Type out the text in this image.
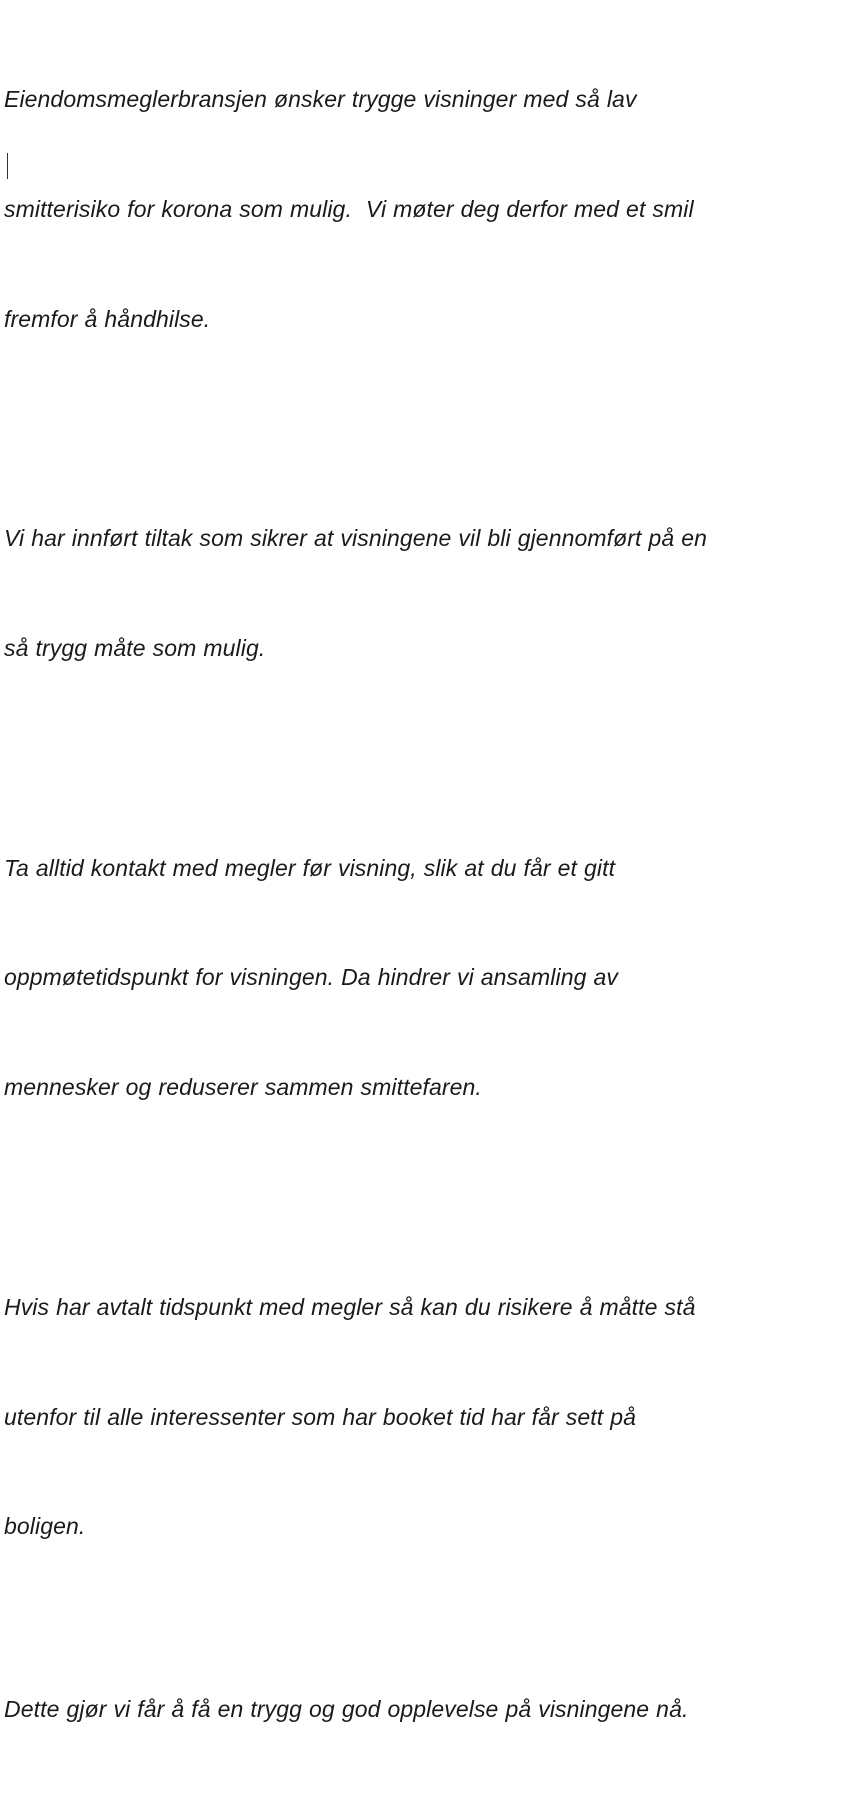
Eiendomsmeglerbransjen ønsker trygge visninger med så lav

smitterisiko for korona som mulig.  Vi møter deg derfor med et smil

fremfor å håndhilse.

Vi har innført tiltak som sikrer at visningene vil bli gjennomført på en

så trygg måte som mulig.

Ta alltid kontakt med megler før visning, slik at du får et gitt

oppmøtetidspunkt for visningen. Da hindrer vi ansamling av

mennesker og reduserer sammen smittefaren.

Hvis har avtalt tidspunkt med megler så kan du risikere å måtte stå

utenfor til alle interessenter som har booket tid har får sett på

boligen.

Dette gjør vi får å få en trygg og god opplevelse på visningene nå.
